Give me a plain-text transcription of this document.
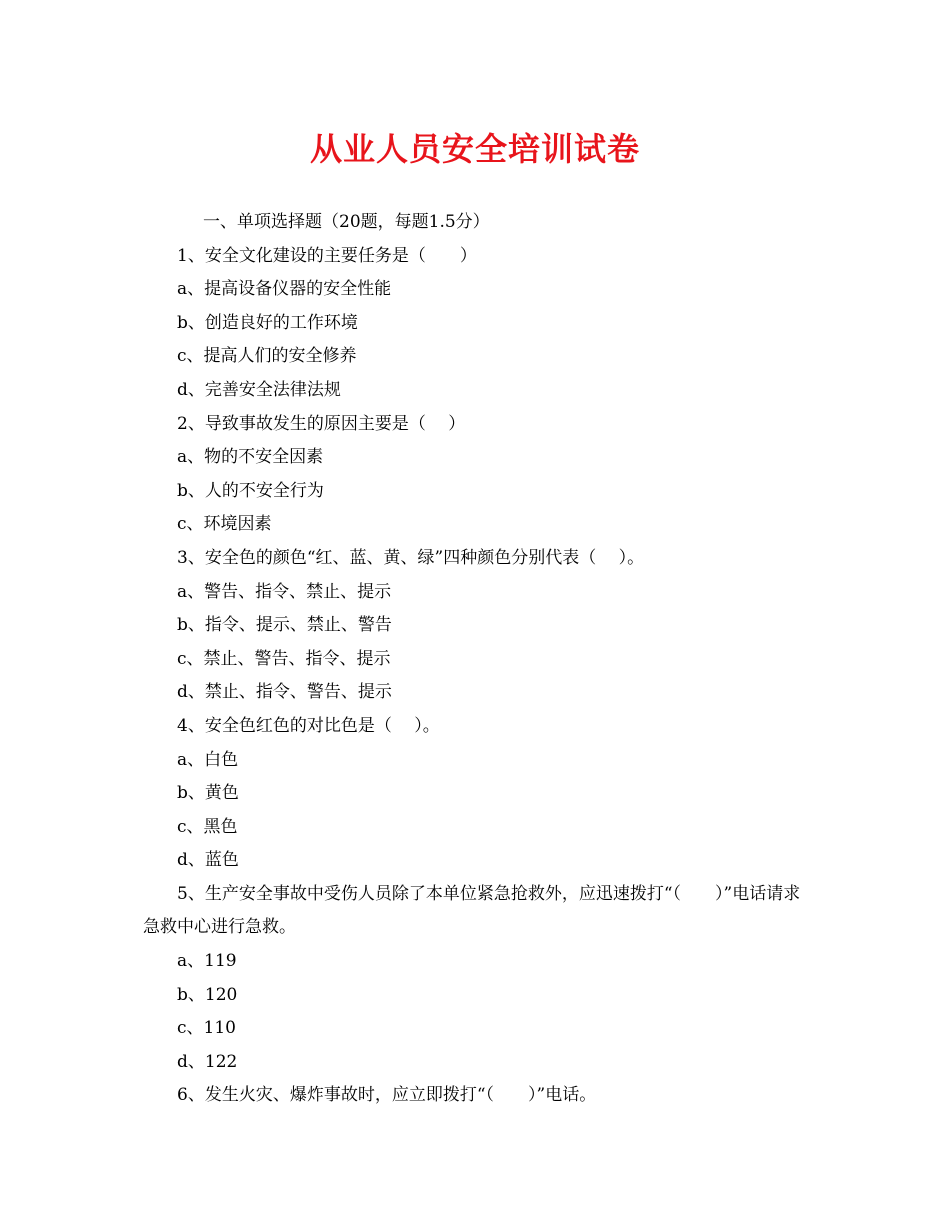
从业人员安全培训试卷
一、单项选择题（20题，每题1.5分）
1、安全文化建设的主要任务是（　　）
a、提高设备仪器的安全性能
b、创造良好的工作环境
c、提高人们的安全修养
d、完善安全法律法规
2、导致事故发生的原因主要是（　 ）
a、物的不安全因素
b、人的不安全行为
c、环境因素
3、安全色的颜色“红、蓝、黄、绿”四种颜色分别代表（　 ）。
a、警告、指令、禁止、提示
b、指令、提示、禁止、警告
c、禁止、警告、指令、提示
d、禁止、指令、警告、提示
4、安全色红色的对比色是（　 ）。
a、白色
b、黄色
c、黑色
d、蓝色
5、生产安全事故中受伤人员除了本单位紧急抢救外，应迅速拨打“（　　）”电话请求急救中心进行急救。
a、119
b、120
c、110
d、122
6、发生火灾、爆炸事故时，应立即拨打“（　　）”电话。
